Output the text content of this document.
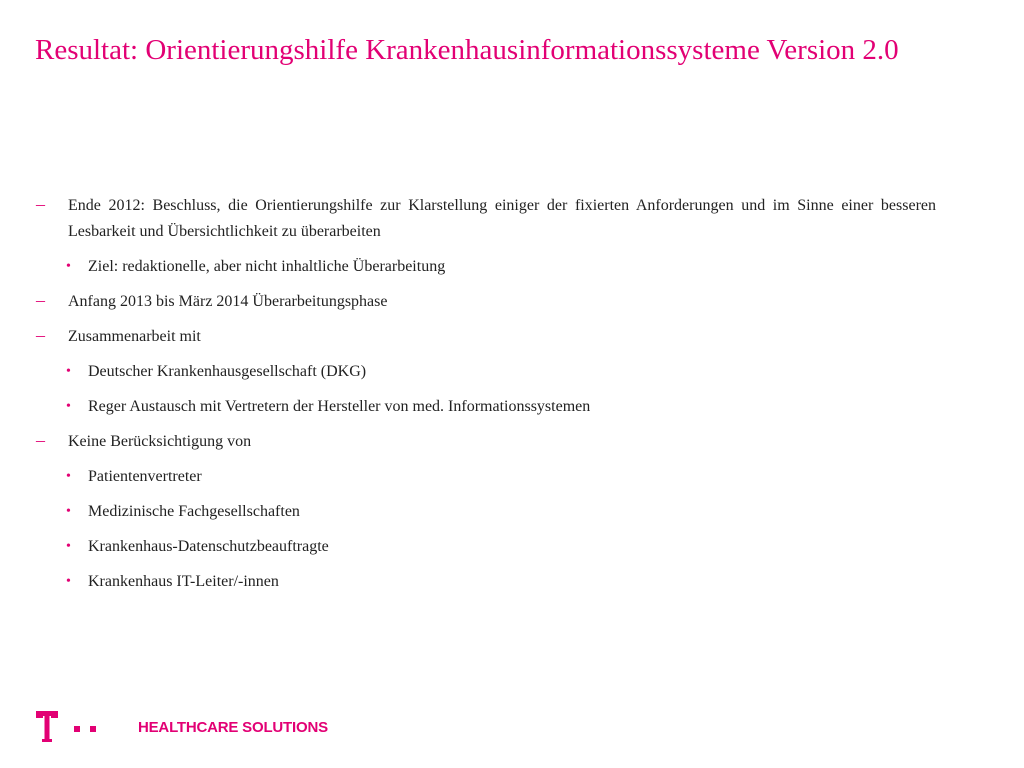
Resultat: Orientierungshilfe Krankenhausinformationssysteme Version 2.0
– Ende 2012: Beschluss, die Orientierungshilfe zur Klarstellung einiger der fixierten Anforderungen und im Sinne einer besseren Lesbarkeit und Übersichtlichkeit zu überarbeiten
• Ziel: redaktionelle, aber nicht inhaltliche Überarbeitung
– Anfang 2013 bis März 2014 Überarbeitungsphase
– Zusammenarbeit mit
• Deutscher Krankenhausgesellschaft (DKG)
• Reger Austausch mit Vertretern der Hersteller von med. Informationssystemen
– Keine Berücksichtigung von
• Patientenvertreter
• Medizinische Fachgesellschaften
• Krankenhaus-Datenschutzbeauftragte
• Krankenhaus IT-Leiter/-innen
HEALTHCARE SOLUTIONS
